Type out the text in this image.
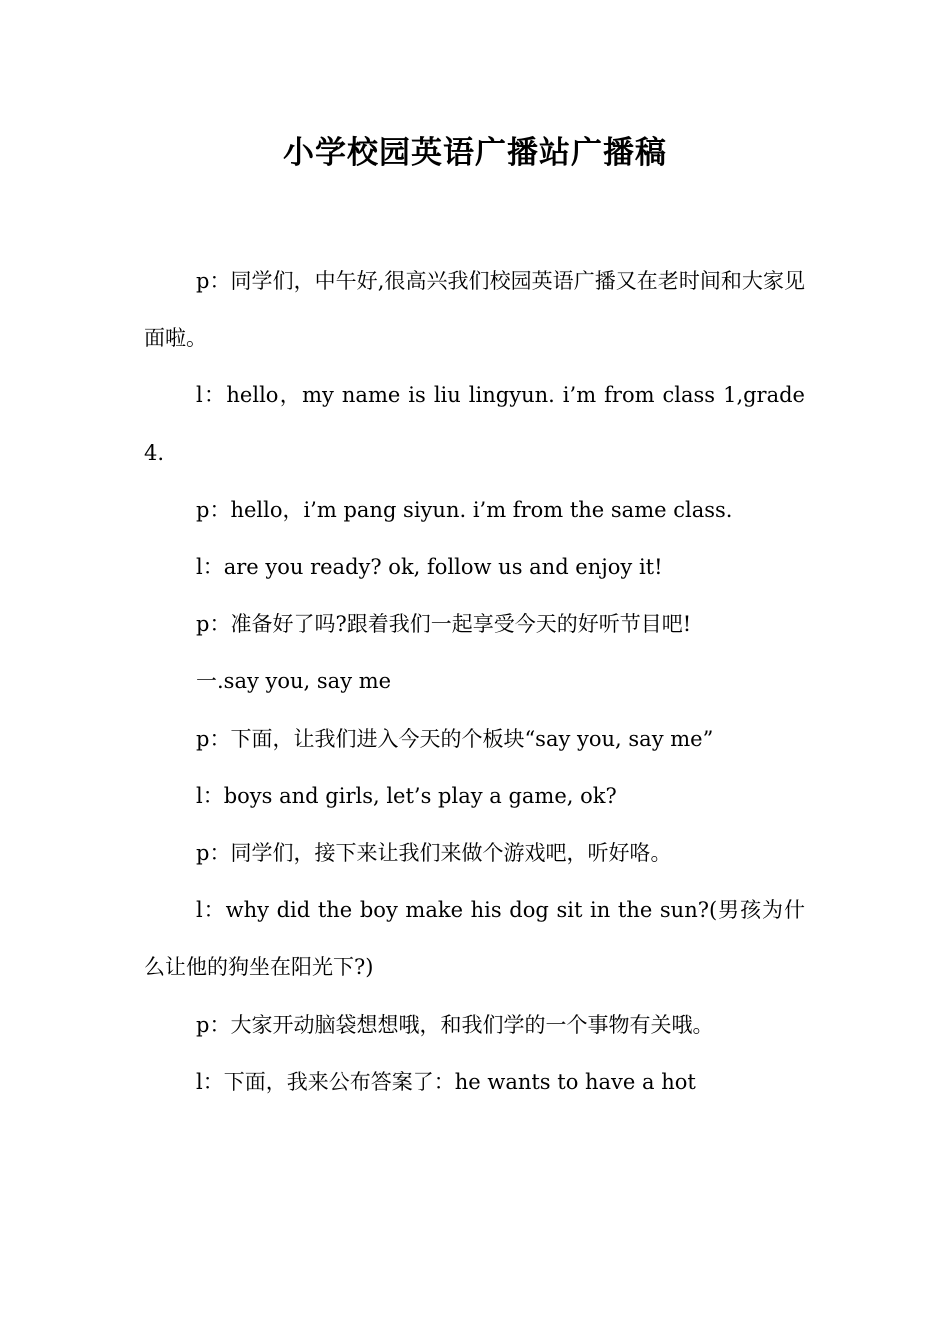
小学校园英语广播站广播稿

p：同学们，中午好,很高兴我们校园英语广播又在老时间和大家见面啦。

l：hello，my name is liu lingyun. i’m from class 1,grade4.

p：hello，i’m pang siyun. i’m from the same class.

l：are you ready? ok, follow us and enjoy it!

p：准备好了吗?跟着我们一起享受今天的好听节目吧!

一.say you, say me

p：下面，让我们进入今天的个板块“say you, say me”

l：boys and girls, let’s play a game, ok?

p：同学们，接下来让我们来做个游戏吧，听好咯。

l：why did the boy make his dog sit in the sun?(男孩为什么让他的狗坐在阳光下?)

p：大家开动脑袋想想哦，和我们学的一个事物有关哦。

l：下面，我来公布答案了：he wants to have a hot
